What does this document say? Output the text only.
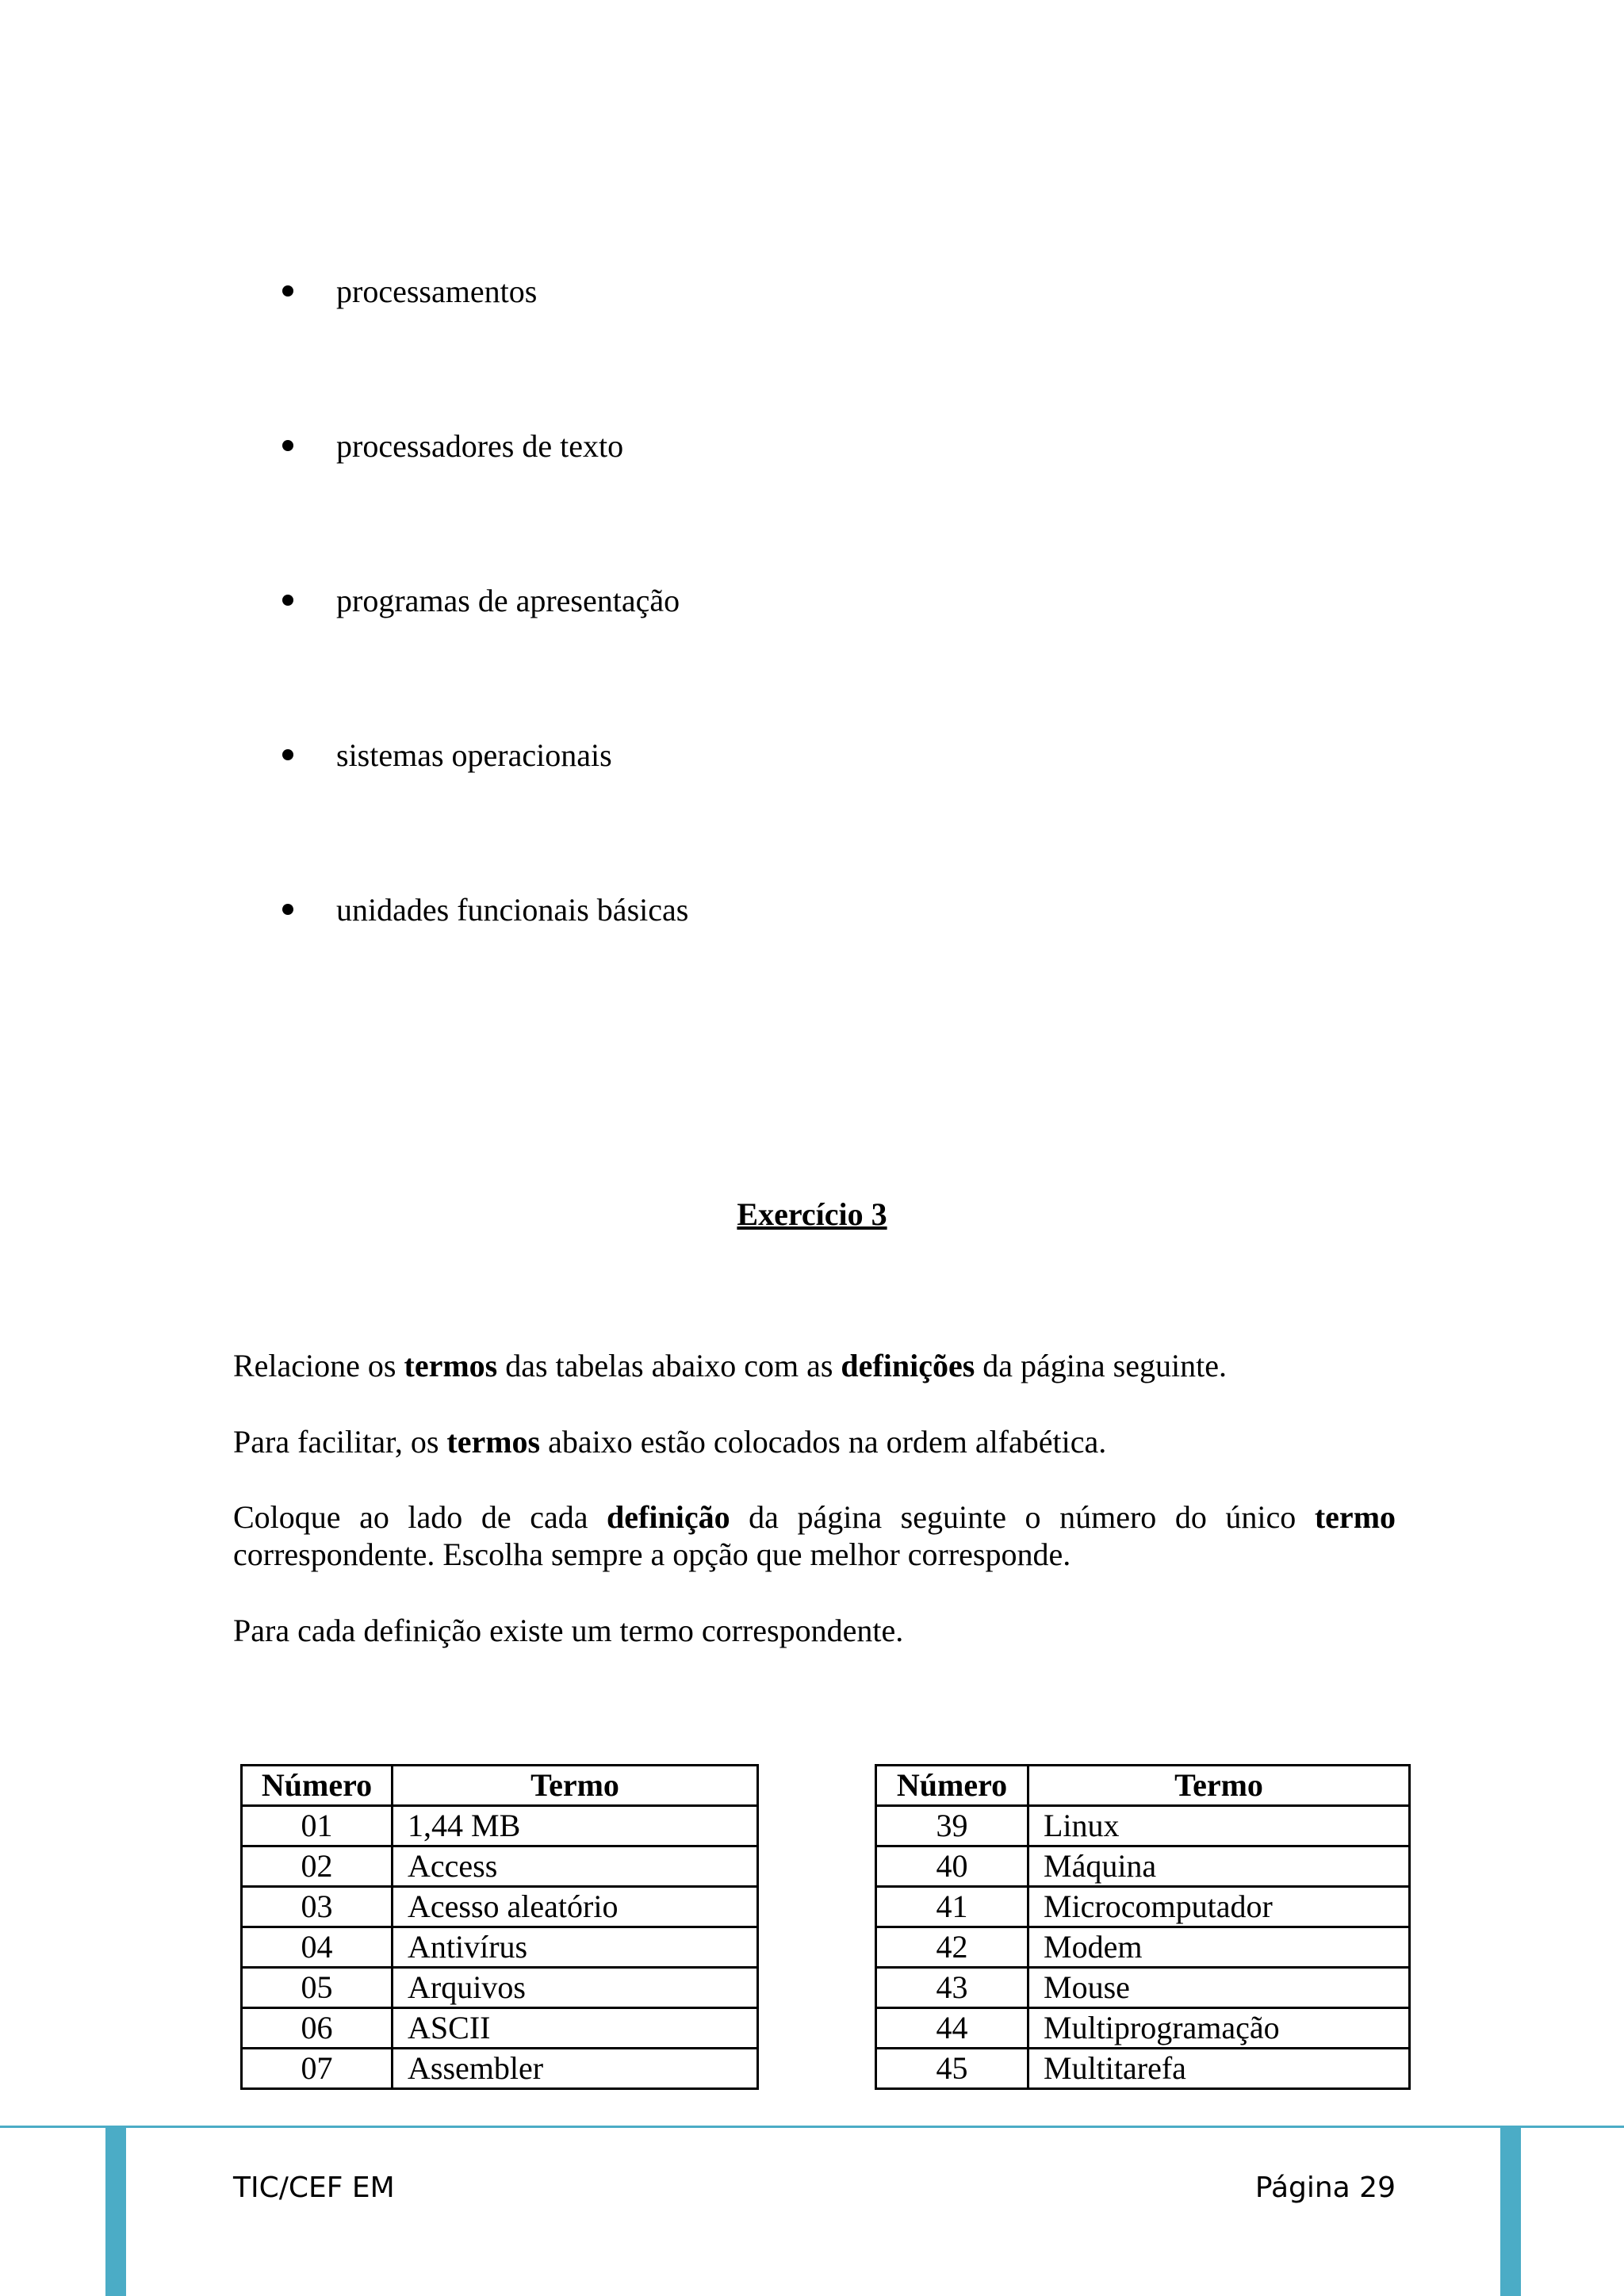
processamentos
processadores de texto
programas de apresentação
sistemas operacionais
unidades funcionais básicas
Exercício 3

Relacione os termos das tabelas abaixo com as definições da página seguinte.

Para facilitar, os termos abaixo estão colocados na ordem alfabética.

Coloque ao lado de cada definição da página seguinte o número do único termo correspondente. Escolha sempre a opção que melhor corresponde.

Para cada definição existe um termo correspondente.

Número	Termo
01	1,44 MB
02	Access
03	Acesso aleatório
04	Antivírus
05	Arquivos
06	ASCII
07	Assembler
Número	Termo
39	Linux
40	Máquina
41	Microcomputador
42	Modem
43	Mouse
44	Multiprogramação
45	Multitarefa
TIC/CEF EM	Página 29
